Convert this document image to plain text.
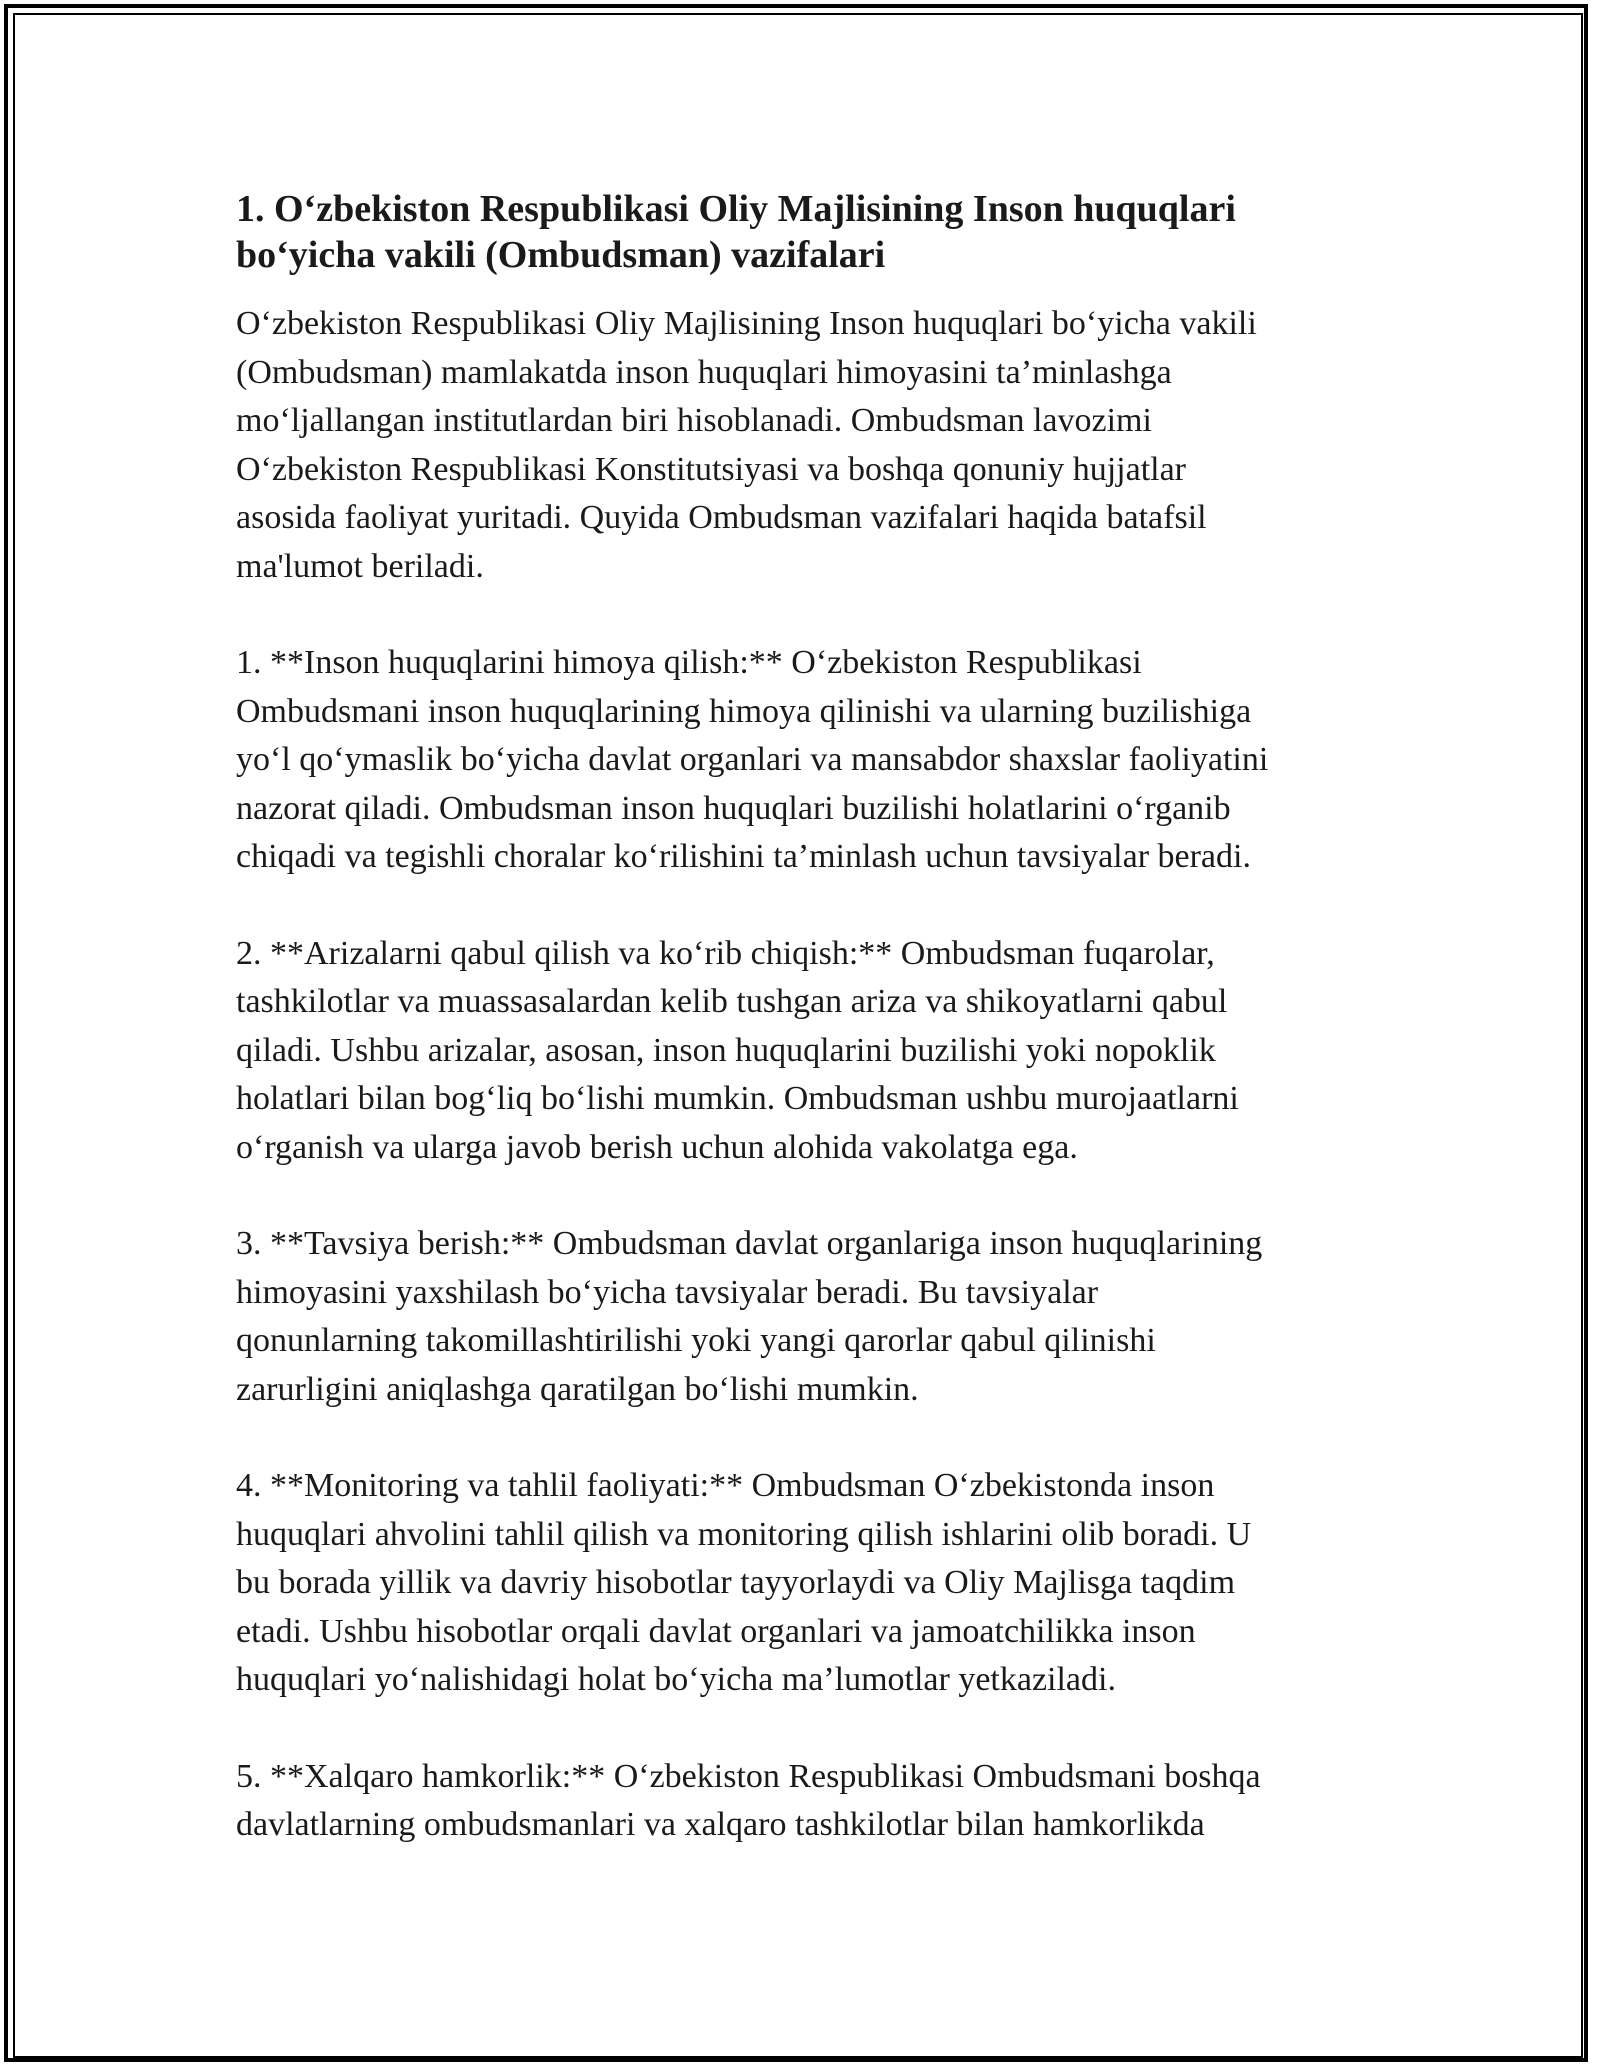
1. O‘zbekiston Respublikasi Oliy Majlisining Inson huquqlari
bo‘yicha vakili (Ombudsman) vazifalari

O‘zbekiston Respublikasi Oliy Majlisining Inson huquqlari bo‘yicha vakili
(Ombudsman) mamlakatda inson huquqlari himoyasini ta’minlashga
mo‘ljallangan institutlardan biri hisoblanadi. Ombudsman lavozimi
O‘zbekiston Respublikasi Konstitutsiyasi va boshqa qonuniy hujjatlar
asosida faoliyat yuritadi. Quyida Ombudsman vazifalari haqida batafsil
ma'lumot beriladi.

1. **Inson huquqlarini himoya qilish:** O‘zbekiston Respublikasi
Ombudsmani inson huquqlarining himoya qilinishi va ularning buzilishiga
yo‘l qo‘ymaslik bo‘yicha davlat organlari va mansabdor shaxslar faoliyatini
nazorat qiladi. Ombudsman inson huquqlari buzilishi holatlarini o‘rganib
chiqadi va tegishli choralar ko‘rilishini ta’minlash uchun tavsiyalar beradi.

2. **Arizalarni qabul qilish va ko‘rib chiqish:** Ombudsman fuqarolar,
tashkilotlar va muassasalardan kelib tushgan ariza va shikoyatlarni qabul
qiladi. Ushbu arizalar, asosan, inson huquqlarini buzilishi yoki nopoklik
holatlari bilan bog‘liq bo‘lishi mumkin. Ombudsman ushbu murojaatlarni
o‘rganish va ularga javob berish uchun alohida vakolatga ega.

3. **Tavsiya berish:** Ombudsman davlat organlariga inson huquqlarining
himoyasini yaxshilash bo‘yicha tavsiyalar beradi. Bu tavsiyalar
qonunlarning takomillashtirilishi yoki yangi qarorlar qabul qilinishi
zarurligini aniqlashga qaratilgan bo‘lishi mumkin.

4. **Monitoring va tahlil faoliyati:** Ombudsman O‘zbekistonda inson
huquqlari ahvolini tahlil qilish va monitoring qilish ishlarini olib boradi. U
bu borada yillik va davriy hisobotlar tayyorlaydi va Oliy Majlisga taqdim
etadi. Ushbu hisobotlar orqali davlat organlari va jamoatchilikka inson
huquqlari yo‘nalishidagi holat bo‘yicha ma’lumotlar yetkaziladi.

5. **Xalqaro hamkorlik:** O‘zbekiston Respublikasi Ombudsmani boshqa
davlatlarning ombudsmanlari va xalqaro tashkilotlar bilan hamkorlikda
